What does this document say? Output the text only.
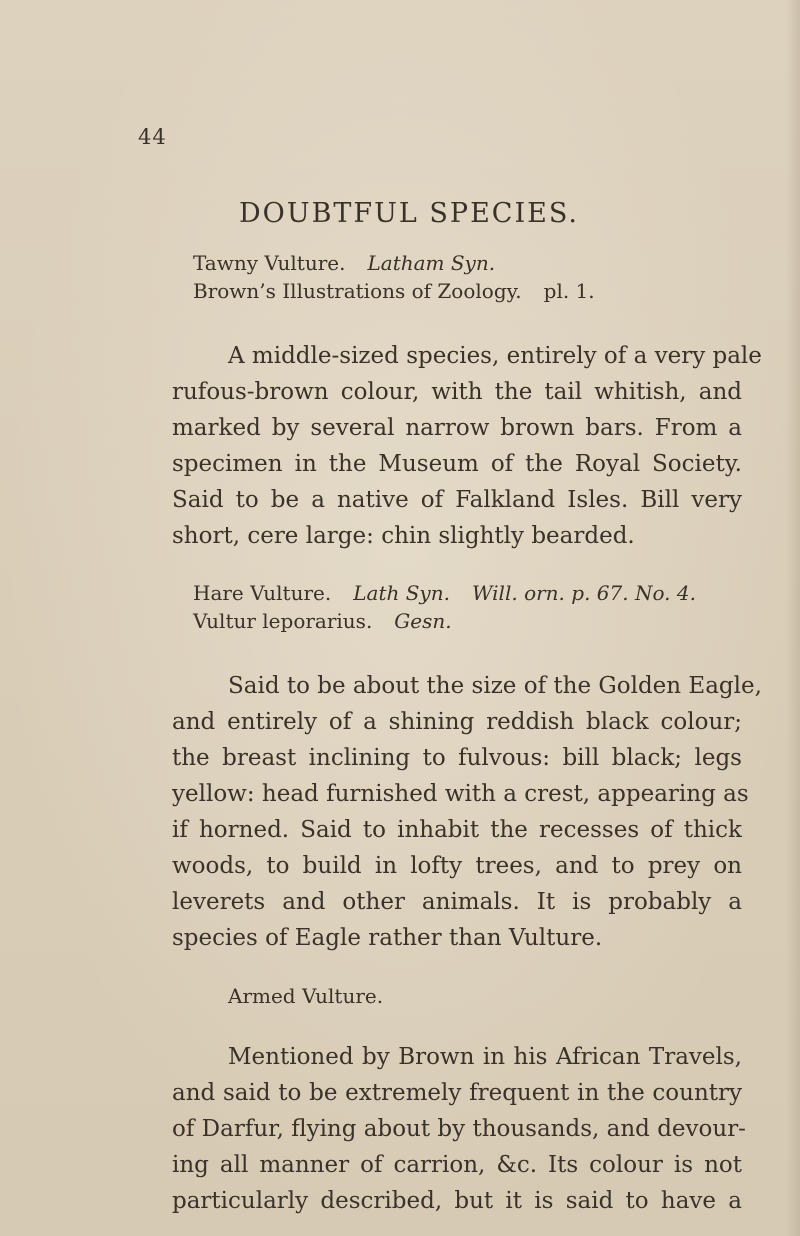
44
DOUBTFUL SPECIES.
Tawny Vulture. Latham Syn.
Brown’s Illustrations of Zoology. pl. 1.
A middle-sized species, entirely of a very pale
rufous-brown colour, with the tail whitish, and
marked by several narrow brown bars. From a
specimen in the Museum of the Royal Society.
Said to be a native of Falkland Isles. Bill very
short, cere large: chin slightly bearded.
Hare Vulture. Lath Syn. Will. orn. p. 67. No. 4.
Vultur leporarius. Gesn.
Said to be about the size of the Golden Eagle,
and entirely of a shining reddish black colour;
the breast inclining to fulvous: bill black; legs
yellow: head furnished with a crest, appearing as
if horned. Said to inhabit the recesses of thick
woods, to build in lofty trees, and to prey on
leverets and other animals. It is probably a
species of Eagle rather than Vulture.
Armed Vulture.
Mentioned by Brown in his African Travels,
and said to be extremely frequent in the country
of Darfur, flying about by thousands, and devour-
ing all manner of carrion, &c. Its colour is not
particularly described, but it is said to have a
